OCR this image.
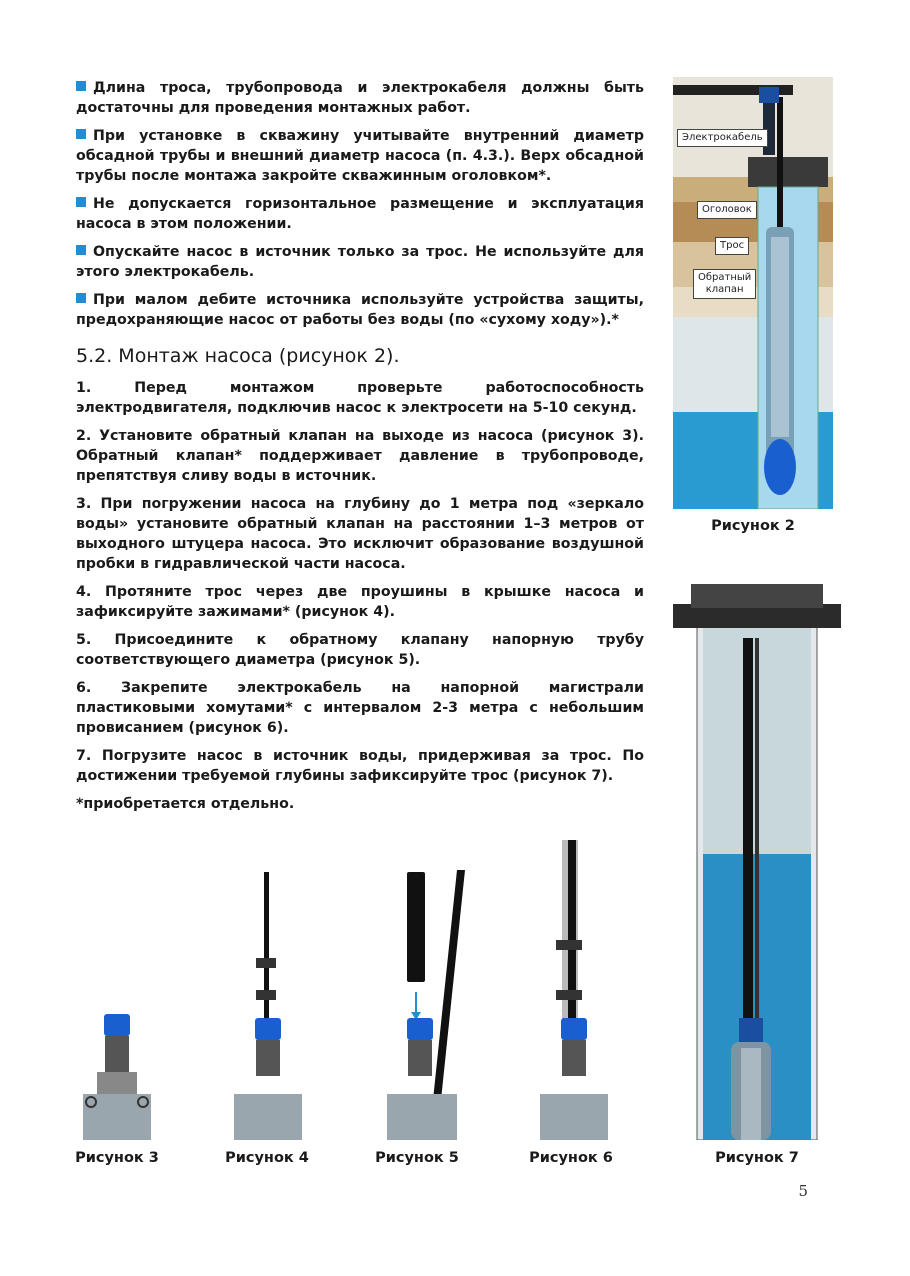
Длина троса, трубопровода и электрокабеля должны быть достаточны для проведения монтажных работ.

При установке в скважину учитывайте внутренний диаметр обсадной трубы и внешний диаметр насоса (п. 4.3.). Верх обсадной трубы после монтажа закройте скважинным оголовком*.

Не допускается горизонтальное размещение и эксплуатация насоса в этом положении.

Опускайте насос в источник только за трос. Не используйте для этого электрокабель.

При малом дебите источника используйте устройства защиты, предохраняющие насос от работы без воды (по «сухому ходу»).*

5.2. Монтаж насоса (рисунок 2).

1. Перед монтажом проверьте работоспособность электродвигателя, подключив насос к электросети на 5-10 секунд.

2. Установите обратный клапан на выходе из насоса (рисунок 3). Обратный клапан* поддерживает давление в трубопроводе, препятствуя сливу воды в источник.

3. При погружении насоса на глубину до 1 метра под «зеркало воды» установите обратный клапан на расстоянии 1–3 метров от выходного штуцера насоса. Это исключит образование воздушной пробки в гидравлической части насоса.

4. Протяните трос через две проушины в крышке насоса и зафиксируйте зажимами* (рисунок 4).

5. Присоедините к обратному клапану напорную трубу соответствующего диаметра (рисунок 5).

6. Закрепите электрокабель на напорной магистрали пластиковыми хомутами* с интервалом 2-3 метра с небольшим провисанием (рисунок 6).

7. Погрузите насос в источник воды, придерживая за трос. По достижении требуемой глубины зафиксируйте трос (рисунок 7).

*приобретается отдельно.

Электрокабель
Оголовок
Трос
Обратный
клапан
Рисунок 2
Рисунок 7
Рисунок 3	Рисунок 4	Рисунок 5	Рисунок 6
5
